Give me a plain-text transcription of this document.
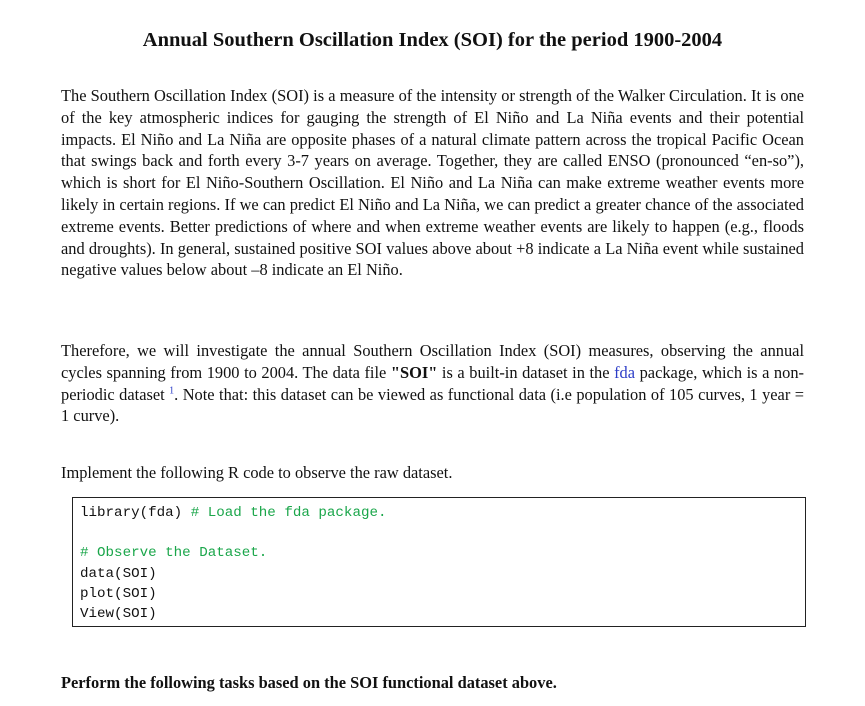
Annual Southern Oscillation Index (SOI) for the period 1900-2004

The Southern Oscillation Index (SOI) is a measure of the intensity or strength of the Walker Circulation. It is one of the key atmospheric indices for gauging the strength of El Niño and La Niña events and their potential impacts. El Niño and La Niña are opposite phases of a natural climate pattern across the tropical Pacific Ocean that swings back and forth every 3-7 years on average. Together, they are called ENSO (pronounced “en-so”), which is short for El Niño-Southern Oscillation. El Niño and La Niña can make extreme weather events more likely in certain regions. If we can predict El Niño and La Niña, we can predict a greater chance of the associated extreme events. Better predictions of where and when extreme weather events are likely to happen (e.g., floods and droughts). In general, sustained positive SOI values above about +8 indicate a La Niña event while sustained negative values below about –8 indicate an El Niño.

Therefore, we will investigate the annual Southern Oscillation Index (SOI) measures, observing the annual cycles spanning from 1900 to 2004. The data file "SOI" is a built-in dataset in the fda package, which is a non-periodic dataset $^1$. Note that: this dataset can be viewed as functional data (i.e population of 105 curves, 1 year = 1 curve).

Implement the following R code to observe the raw dataset.

library(fda) # Load the fda package.
# Observe the Dataset.
data(SOI)
plot(SOI)
View(SOI)

Perform the following tasks based on the SOI functional dataset above.
